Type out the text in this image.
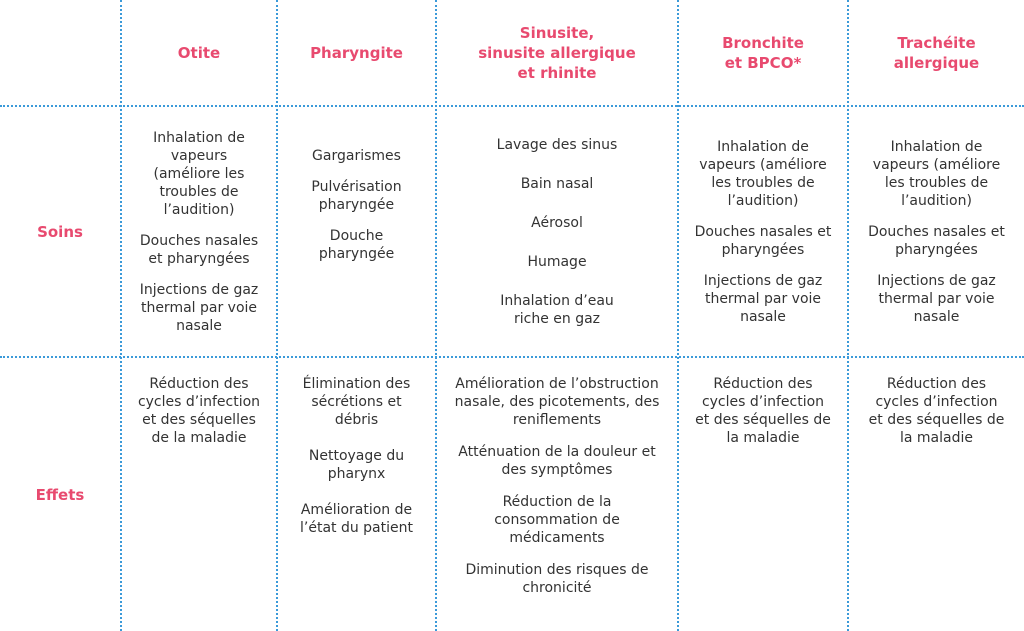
Otite	Pharyngite
Sinusite,
sinusite allergique
et rhinite
Bronchite
et BPCO*
Trachéite
allergique
Soins
Effets
Inhalation de
vapeurs
(améliore les
troubles de
l’audition)
Douches nasales
et pharyngées
Injections de gaz
thermal par voie
nasale
Gargarismes
Pulvérisation
pharyngée
Douche
pharyngée
Lavage des sinus
Bain nasal
Aérosol
Humage
Inhalation d’eau
riche en gaz
Inhalation de
vapeurs (améliore
les troubles de
l’audition)
Douches nasales et
pharyngées
Injections de gaz
thermal par voie
nasale
Inhalation de
vapeurs (améliore
les troubles de
l’audition)
Douches nasales et
pharyngées
Injections de gaz
thermal par voie
nasale
Réduction des
cycles d’infection
et des séquelles
de la maladie
Élimination des
sécrétions et
débris
Nettoyage du
pharynx
Amélioration de
l’état du patient
Amélioration de l’obstruction
nasale, des picotements, des
reniflements
Atténuation de la douleur et
des symptômes
Réduction de la
consommation de
médicaments
Diminution des risques de
chronicité
Réduction des
cycles d’infection
et des séquelles de
la maladie
Réduction des
cycles d’infection
et des séquelles de
la maladie
